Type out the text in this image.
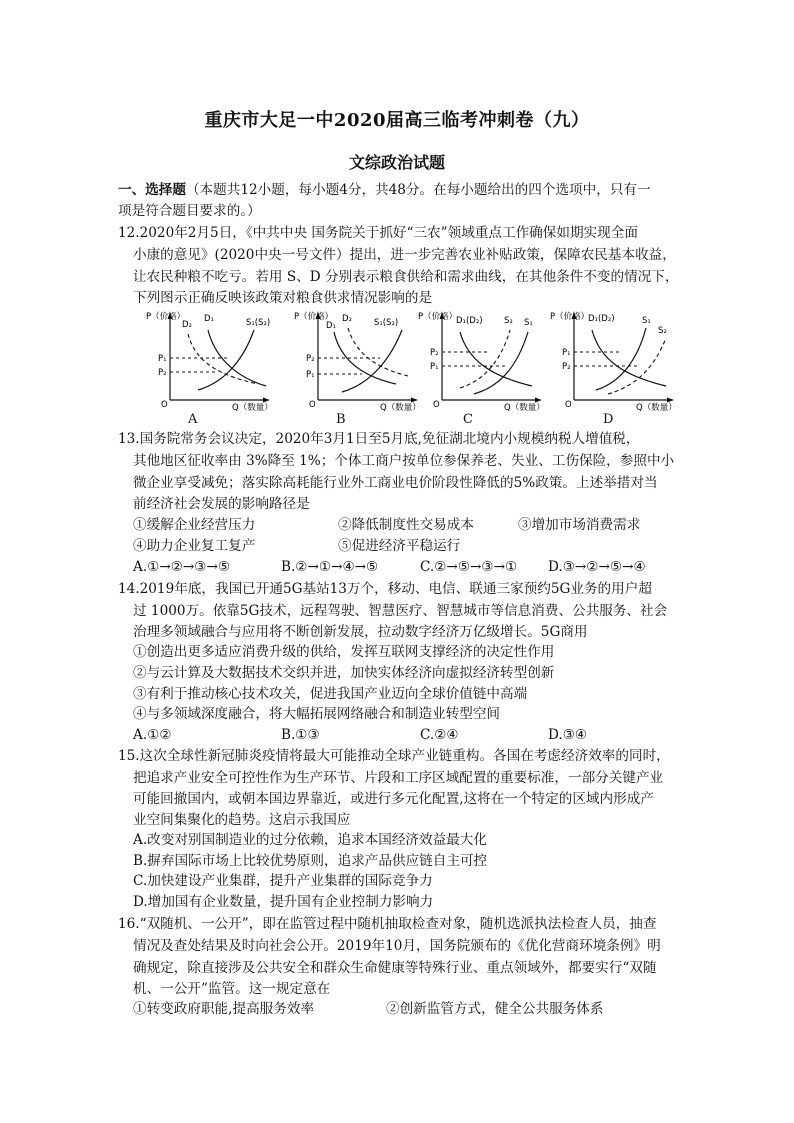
重庆市大足一中2020届高三临考冲刺卷（九）
文综政治试题
一、选择题（本题共12小题，每小题4分，共48分。在每小题给出的四个选项中，只有一
项是符合题目要求的。）
12.2020年2月5日，《中共中央 国务院关于抓好“三农”领域重点工作确保如期实现全面
小康的意见》(2020中央一号文件）提出，进一步完善农业补贴政策，保障农民基本收益，
让农民种粮不吃亏。若用 S、D 分别表示粮食供给和需求曲线，在其他条件不变的情况下，
下列图示正确反映该政策对粮食供求情况影响的是
P（价格）
Q（数量）
O
D₂
D₁	S₁(S₂)
P₁
P₂
A
P（价格）
Q（数量）
O
D₁
D₂	S₁(S₂)
P₂
P₁
B
P（价格）
Q（数量）
O
D₁(D₂)	S₂ S₁
P₂
P₁
C
P（价格）
Q（数量）
O
D₁(D₂)	S₁
S₂
P₁
P₂
D
13.国务院常务会议决定，2020年3月1日至5月底,免征湖北境内小规模纳税人增值税，
其他地区征收率由 3%降至 1%；个体工商户按单位参保养老、失业、工伤保险，参照中小
微企业享受减免；落实除高耗能行业外工商业电价阶段性降低的5%政策。上述举措对当
前经济社会发展的影响路径是
①缓解企业经营压力	②降低制度性交易成本	③增加市场消费需求
④助力企业复工复产	⑤促进经济平稳运行
A.①→②→③→⑤	B.②→①→④→⑤	C.②→⑤→③→① D.③→②→⑤→④
14.2019年底，我国已开通5G基站13万个，移动、电信、联通三家预约5G业务的用户超
过 1000万。依靠5G技术，远程驾驶、智慧医疗、智慧城市等信息消费、公共服务、社会
治理多领域融合与应用将不断创新发展，拉动数字经济万亿级增长。5G商用
①创造出更多适应消费升级的供给，发挥互联网支撑经济的决定性作用
②与云计算及大数据技术交织并进，加快实体经济向虚拟经济转型创新
③有利于推动核心技术攻关，促进我国产业迈向全球价值链中高端
④与多领域深度融合，将大幅拓展网络融合和制造业转型空间
A.①②	B.①③	C.②④	D.③④
15.这次全球性新冠肺炎疫情将最大可能推动全球产业链重构。各国在考虑经济效率的同时，
把追求产业安全可控性作为生产环节、片段和工序区域配置的重要标准，一部分关键产业
可能回撤国内，或朝本国边界靠近，或进行多元化配置,这将在一个特定的区域内形成产
业空间集聚化的趋势。这启示我国应
A.改变对别国制造业的过分依赖，追求本国经济效益最大化
B.摒弃国际市场上比较优势原则，追求产品供应链自主可控
C.加快建设产业集群，提升产业集群的国际竞争力
D.增加国有企业数量，提升国有企业控制力影响力
16.“双随机、一公开”，即在监管过程中随机抽取检查对象，随机选派执法检查人员，抽查
情况及查处结果及时向社会公开。2019年10月，国务院颁布的《优化营商环境条例》明
确规定，除直接涉及公共安全和群众生命健康等特殊行业、重点领域外，都要实行“双随
机、一公开”监管。这一规定意在
①转变政府职能,提高服务效率	②创新监管方式，健全公共服务体系
